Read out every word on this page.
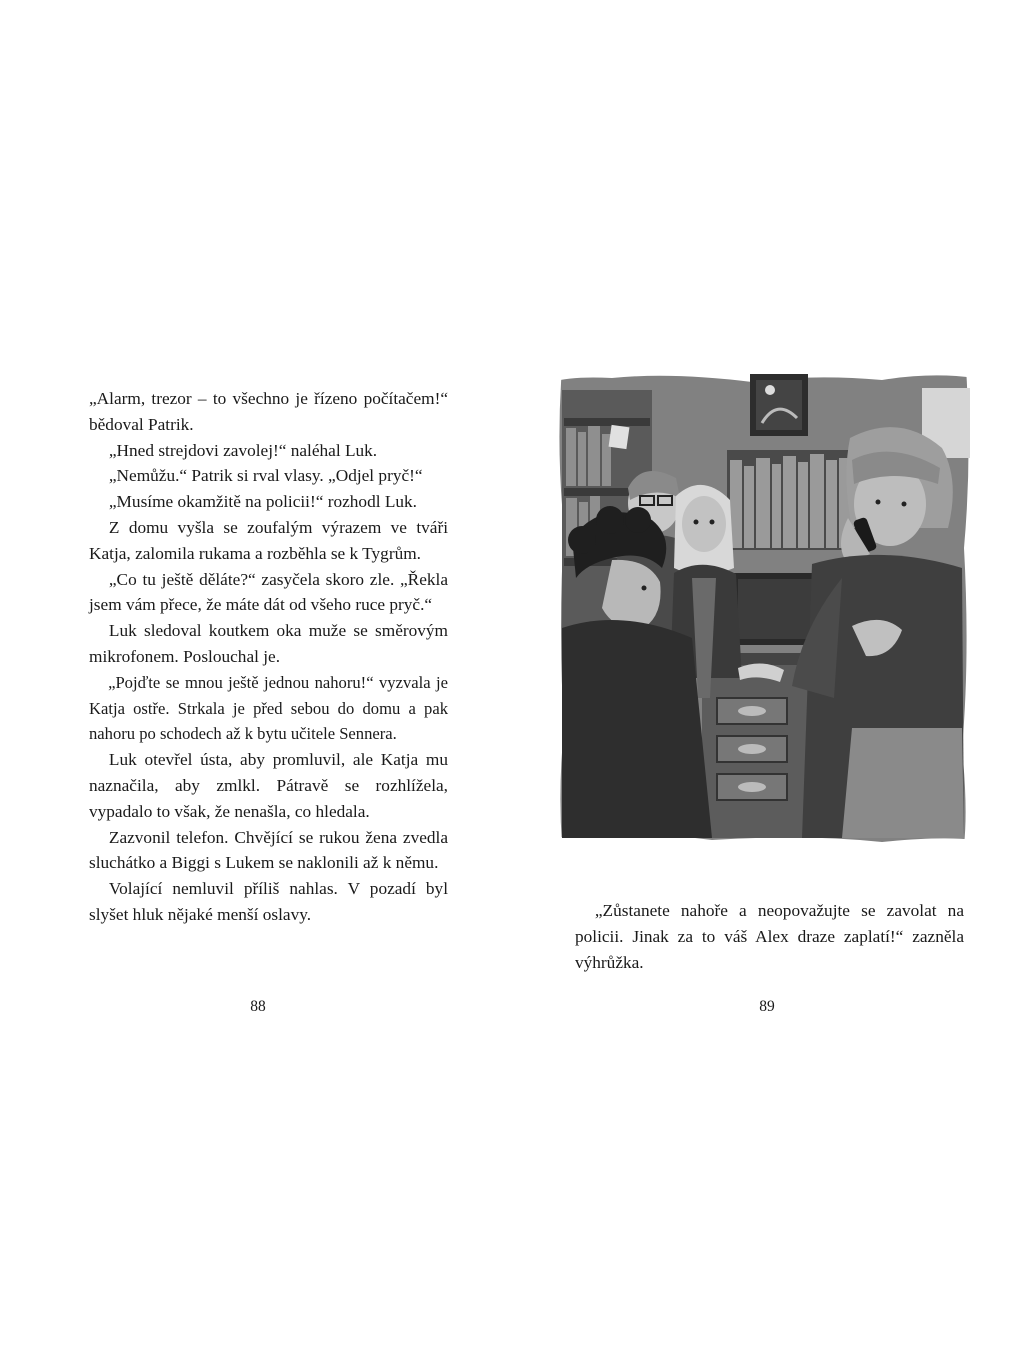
„Alarm, trezor – to všechno je řízeno počítačem!“ bědoval Patrik.

„Hned strejdovi zavolej!“ naléhal Luk.

„Nemůžu.“ Patrik si rval vlasy. „Odjel pryč!“

„Musíme okamžitě na policii!“ rozhodl Luk.

Z domu vyšla se zoufalým výrazem ve tváři Katja, zalomila rukama a rozběhla se k Tygrům.

„Co tu ještě děláte?“ zasyčela skoro zle. „Řekla jsem vám přece, že máte dát od všeho ruce pryč.“

Luk sledoval koutkem oka muže se směrovým mikrofonem. Poslouchal je.

„Pojďte se mnou ještě jednou nahoru!“ vyzvala je Katja ostře. Strkala je před sebou do domu a pak nahoru po schodech až k bytu učitele Sennera.

Luk otevřel ústa, aby promluvil, ale Katja mu naznačila, aby zmlkl. Pátravě se rozhlížela, vypadalo to však, že nenašla, co hledala.

Zazvonil telefon. Chvějící se rukou žena zvedla sluchátko a Biggi s Lukem se naklonili až k němu.

Volající nemluvil příliš nahlas. V pozadí byl slyšet hluk nějaké menší oslavy.

88

„Zůstanete nahoře a neopovažujte se zavolat na policii. Jinak za to váš Alex draze zaplatí!“ zazněla výhrůžka.

89
